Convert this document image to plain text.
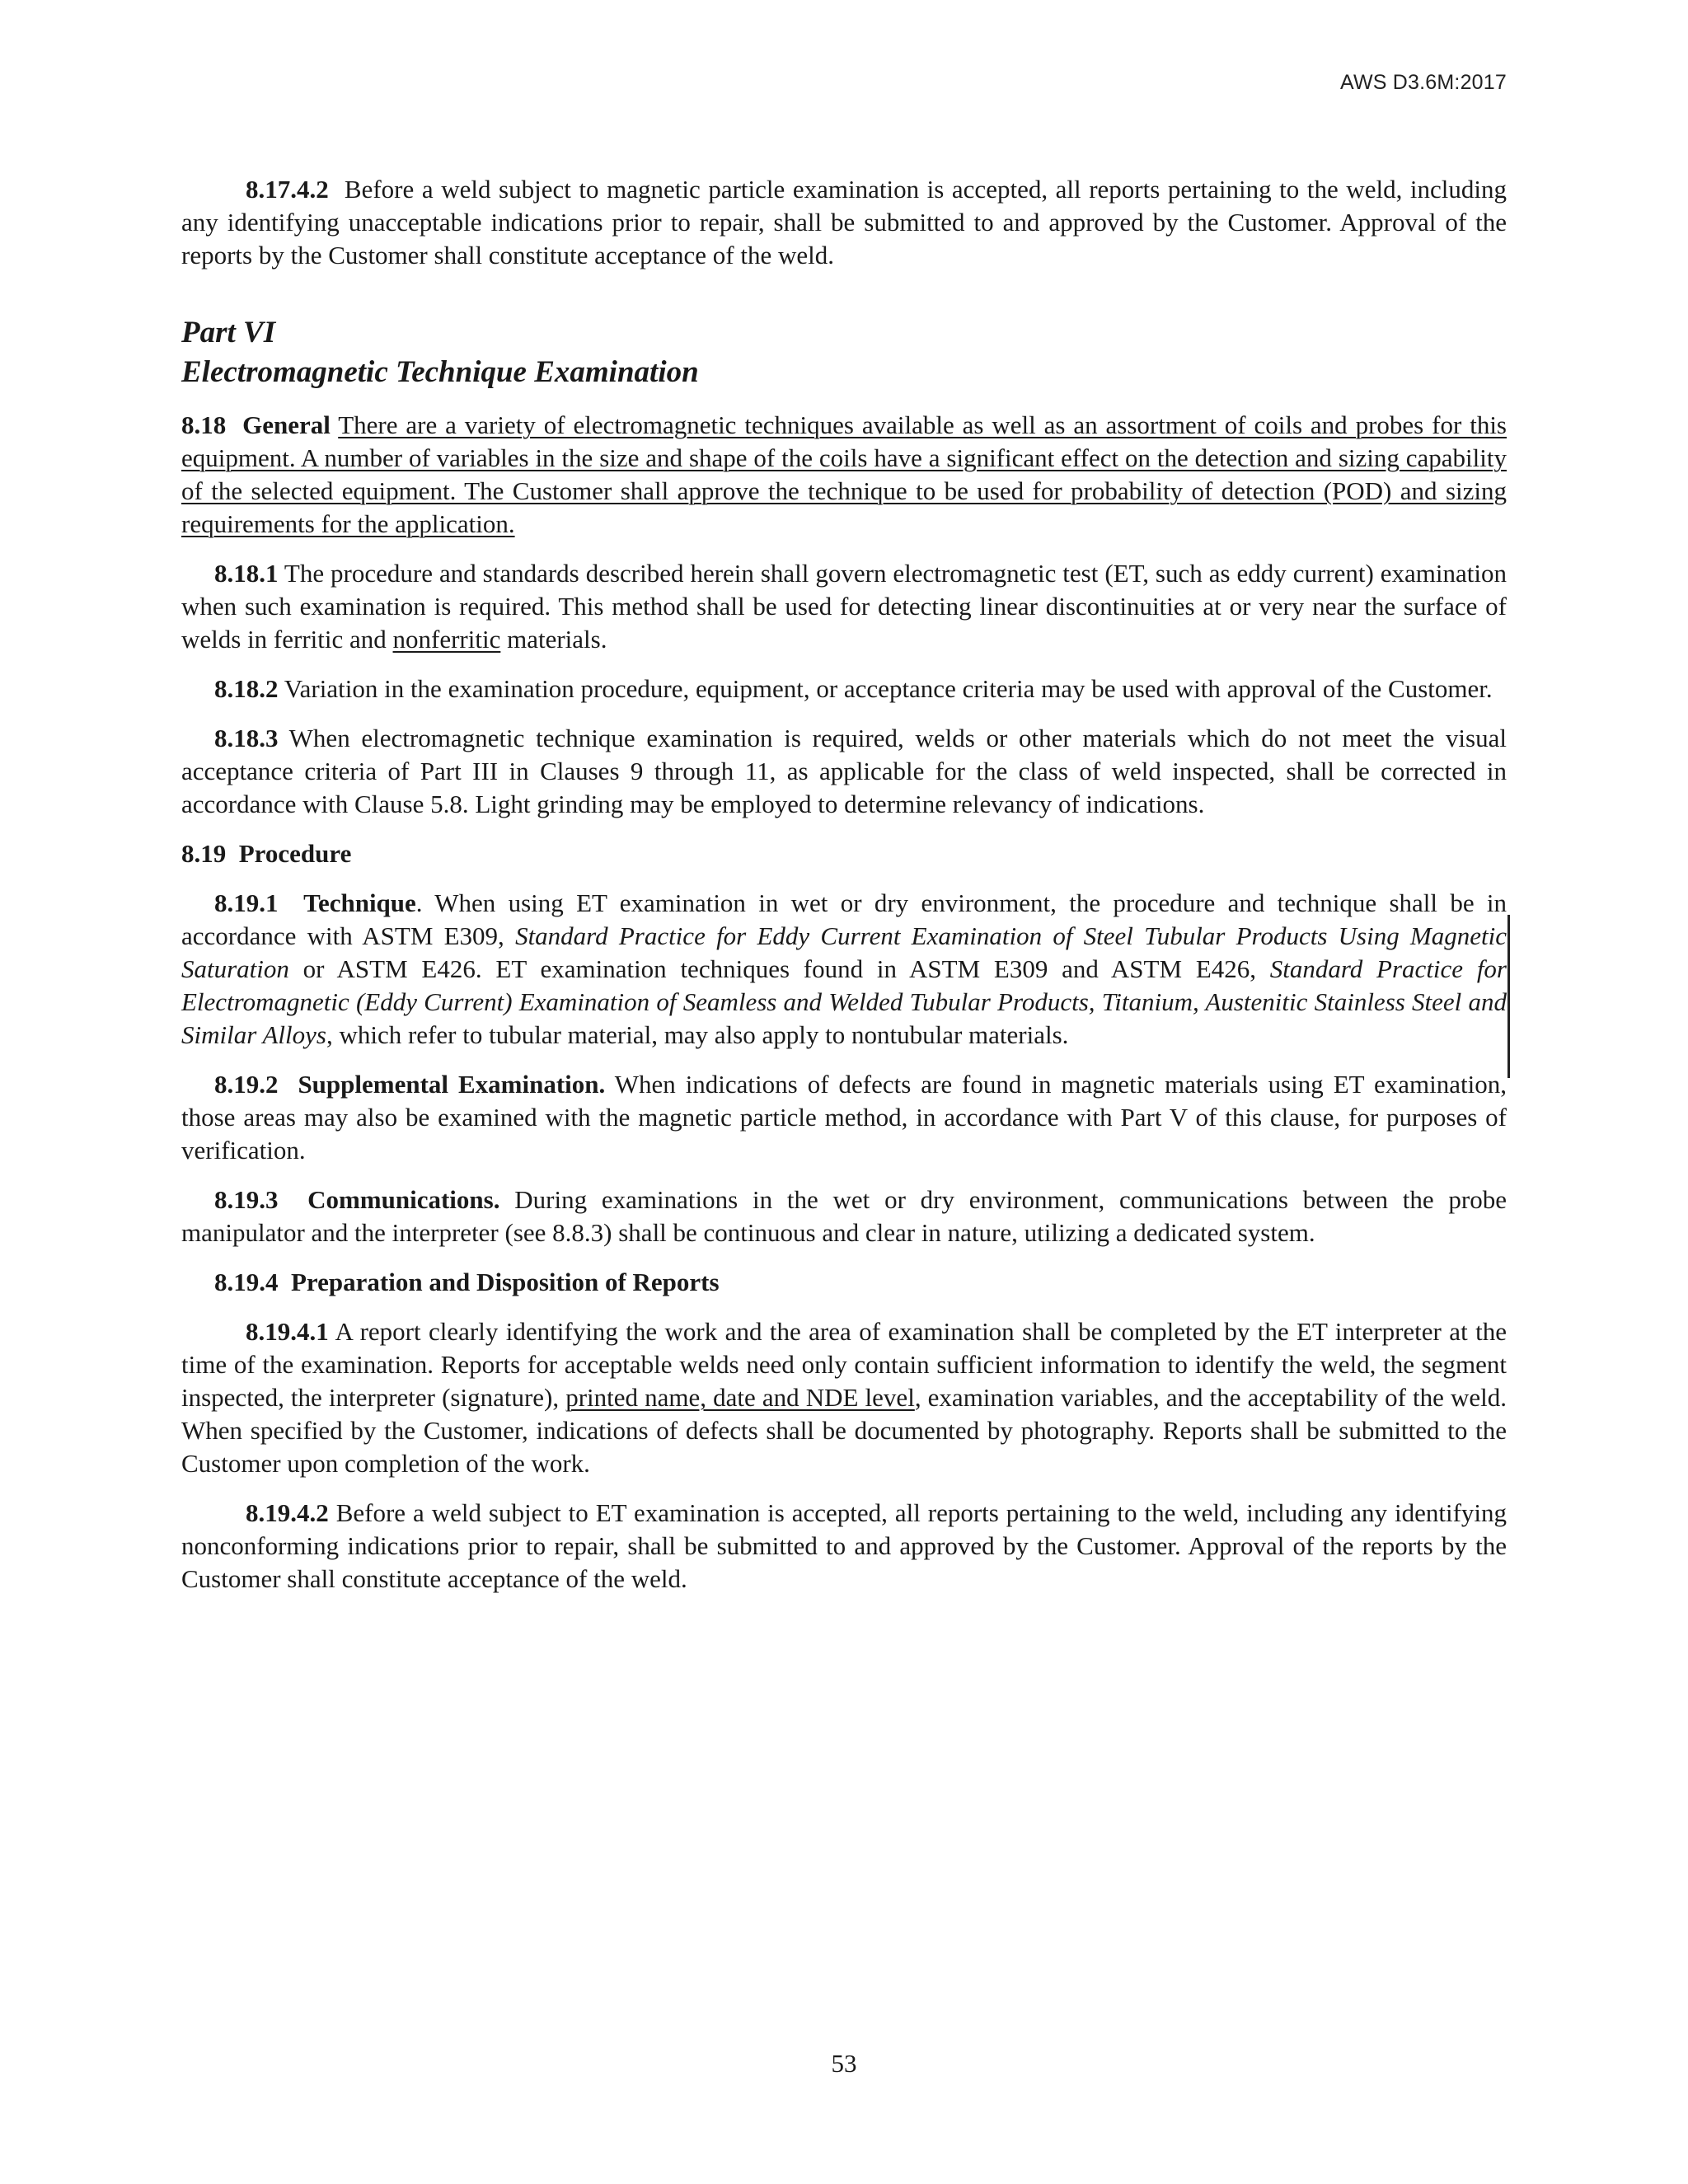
AWS D3.6M:2017

8.17.4.2 Before a weld subject to magnetic particle examination is accepted, all reports pertaining to the weld, including any identifying unacceptable indications prior to repair, shall be submitted to and approved by the Customer. Approval of the reports by the Customer shall constitute acceptance of the weld.

Part VI
Electromagnetic Technique Examination

8.18 General There are a variety of electromagnetic techniques available as well as an assortment of coils and probes for this equipment. A number of variables in the size and shape of the coils have a significant effect on the detection and sizing capability of the selected equipment. The Customer shall approve the technique to be used for probability of detection (POD) and sizing requirements for the application.

8.18.1 The procedure and standards described herein shall govern electromagnetic test (ET, such as eddy current) examination when such examination is required. This method shall be used for detecting linear discontinuities at or very near the surface of welds in ferritic and nonferritic materials.

8.18.2 Variation in the examination procedure, equipment, or acceptance criteria may be used with approval of the Customer.

8.18.3 When electromagnetic technique examination is required, welds or other materials which do not meet the visual acceptance criteria of Part III in Clauses 9 through 11, as applicable for the class of weld inspected, shall be corrected in accordance with Clause 5.8. Light grinding may be employed to determine relevancy of indications.

8.19 Procedure

8.19.1 Technique. When using ET examination in wet or dry environment, the procedure and technique shall be in accordance with ASTM E309, Standard Practice for Eddy Current Examination of Steel Tubular Products Using Magnetic Saturation or ASTM E426. ET examination techniques found in ASTM E309 and ASTM E426, Standard Practice for Electromagnetic (Eddy Current) Examination of Seamless and Welded Tubular Products, Titanium, Austenitic Stainless Steel and Similar Alloys, which refer to tubular material, may also apply to nontubular materials.

8.19.2 Supplemental Examination. When indications of defects are found in magnetic materials using ET examination, those areas may also be examined with the magnetic particle method, in accordance with Part V of this clause, for purposes of verification.

8.19.3 Communications. During examinations in the wet or dry environment, communications between the probe manipulator and the interpreter (see 8.8.3) shall be continuous and clear in nature, utilizing a dedicated system.

8.19.4 Preparation and Disposition of Reports

8.19.4.1 A report clearly identifying the work and the area of examination shall be completed by the ET interpreter at the time of the examination. Reports for acceptable welds need only contain sufficient information to identify the weld, the segment inspected, the interpreter (signature), printed name, date and NDE level, examination variables, and the acceptability of the weld. When specified by the Customer, indications of defects shall be documented by photography. Reports shall be submitted to the Customer upon completion of the work.

8.19.4.2 Before a weld subject to ET examination is accepted, all reports pertaining to the weld, including any identifying nonconforming indications prior to repair, shall be submitted to and approved by the Customer. Approval of the reports by the Customer shall constitute acceptance of the weld.

53
